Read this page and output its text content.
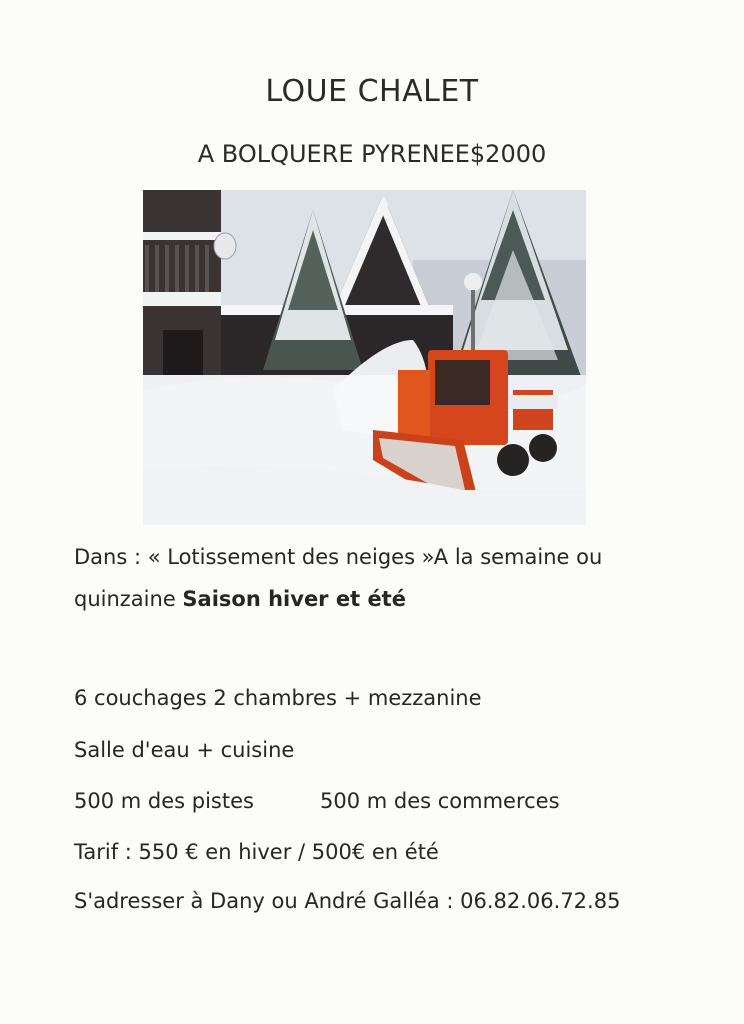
LOUE CHALET
A BOLQUERE PYRENEE$2000
Dans : « Lotissement des neiges »A la semaine ou
quinzaine Saison hiver et été
6 couchages 2 chambres + mezzanine
Salle d'eau + cuisine
500 m des pistes	500 m des commerces
Tarif : 550 € en hiver / 500€ en été
S'adresser à Dany ou André Galléa : 06.82.06.72.85
